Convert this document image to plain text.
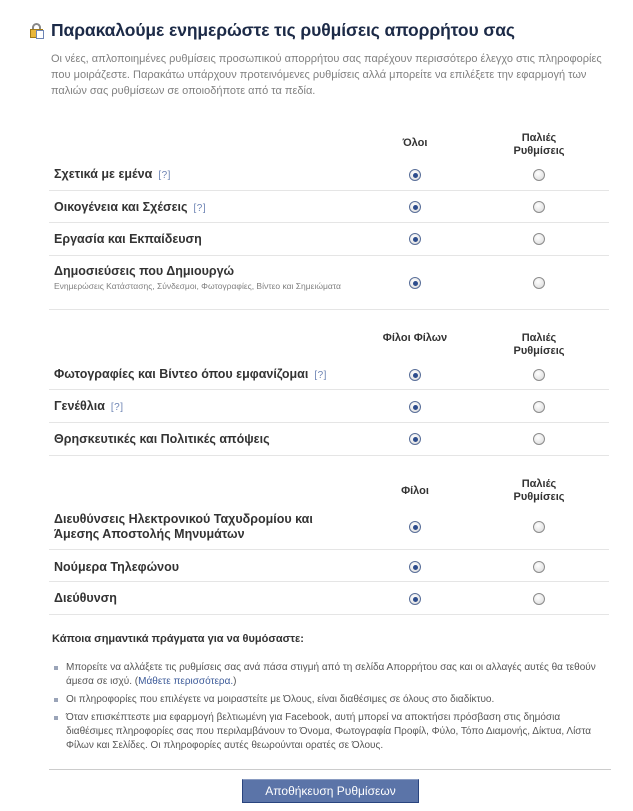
Παρακαλούμε ενημερώστε τις ρυθμίσεις απορρήτου σας

Οι νέες, απλοποιημένες ρυθμίσεις προσωπικού απορρήτου σας παρέχουν περισσότερο έλεγχο στις πληροφορίες που μοιράζεστε. Παρακάτω υπάρχουν προτεινόμενες ρυθμίσεις αλλά μπορείτε να επιλέξετε την εφαρμογή των παλιών σας ρυθμίσεων σε οποιοδήποτε από τα πεδία.

Όλοι	Παλιές Ρυθμίσεις
Σχετικά με εμένα [?]
Οικογένεια και Σχέσεις [?]
Εργασία και Εκπαίδευση
Δημοσιεύσεις που Δημιουργώ
Ενημερώσεις Κατάστασης, Σύνδεσμοι, Φωτογραφίες, Βίντεο και Σημειώματα
Φίλοι Φίλων	Παλιές Ρυθμίσεις
Φωτογραφίες και Βίντεο όπου εμφανίζομαι [?]
Γενέθλια [?]
Θρησκευτικές και Πολιτικές απόψεις
Φίλοι
Παλιές Ρυθμίσεις
Διευθύνσεις Ηλεκτρονικού Ταχυδρομίου και Άμεσης Αποστολής Μηνυμάτων
Νούμερα Τηλεφώνου
Διεύθυνση
Κάποια σημαντικά πράγματα για να θυμόσαστε:
Μπορείτε να αλλάξετε τις ρυθμίσεις σας ανά πάσα στιγμή από τη σελίδα Απορρήτου σας και οι αλλαγές αυτές θα τεθούν άμεσα σε ισχύ. (Μάθετε περισσότερα.)
Οι πληροφορίες που επιλέγετε να μοιραστείτε με Όλους, είναι διαθέσιμες σε όλους στο διαδίκτυο.
Όταν επισκέπτεστε μια εφαρμογή βελτιωμένη για Facebook, αυτή μπορεί να αποκτήσει πρόσβαση στις δημόσια διαθέσιμες πληροφορίες σας που περιλαμβάνουν το Όνομα, Φωτογραφία Προφίλ, Φύλο, Τόπο Διαμονής, Δίκτυα, Λίστα Φίλων και Σελίδες. Οι πληροφορίες αυτές θεωρούνται ορατές σε Όλους.
Αποθήκευση Ρυθμίσεων
